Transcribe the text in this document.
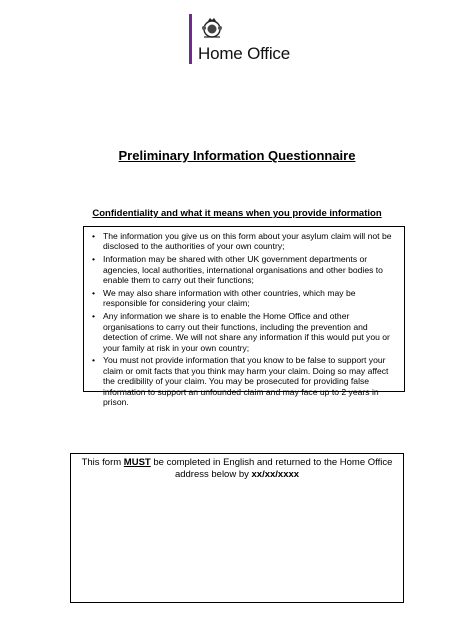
Home Office
Preliminary Information Questionnaire
Confidentiality and what it means when you provide information
• The information you give us on this form about your asylum claim will not be disclosed to the authorities of your own country;
• Information may be shared with other UK government departments or agencies, local authorities, international organisations and other bodies to enable them to carry out their functions;
• We may also share information with other countries, which may be responsible for considering your claim;
• Any information we share is to enable the Home Office and other organisations to carry out their functions, including the prevention and detection of crime. We will not share any information if this would put you or your family at risk in your own country;
• You must not provide information that you know to be false to support your claim or omit facts that you think may harm your claim. Doing so may affect the credibility of your claim. You may be prosecuted for providing false information to support an unfounded claim and may face up to 2 years in prison.
This form MUST be completed in English and returned to the Home Office address below by xx/xx/xxxx
